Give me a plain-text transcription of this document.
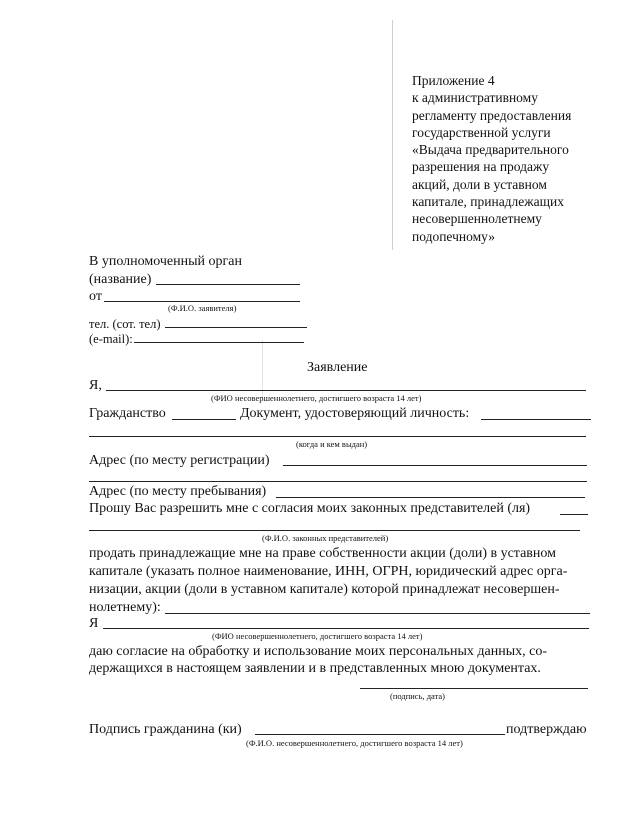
Приложение 4
к административному
регламенту предоставления
государственной услуги
«Выдача предварительного
разрешения на продажу
акций, доли в уставном
капитале, принадлежащих
несовершеннолетнему
подопечному»
В уполномоченный орган
(название)
от
(Ф.И.О. заявителя)
тел. (сот. тел)
(e-mail):
Заявление
Я,
(ФИО несовершеннолетнего, достигшего возраста 14 лет)
Гражданство	Документ, удостоверяющий личность:
(когда и кем выдан)
Адрес (по месту регистрации)
Адрес (по месту пребывания)
Прошу Вас разрешить мне с согласия моих законных представителей (ля)
(Ф.И.О. законных представителей)
продать принадлежащие мне на праве собственности акции (доли) в уставном
капитале (указать полное наименование, ИНН, ОГРН, юридический адрес орга-
низации, акции (доли в уставном капитале) которой принадлежат несовершен-
нолетнему):
Я
(ФИО несовершеннолетнего, достигшего возраста 14 лет)
даю согласие на обработку и использование моих персональных данных, со-
держащихся в настоящем заявлении и в представленных мною документах.
(подпись, дата)
Подпись гражданина (ки)	подтверждаю
(Ф.И.О. несовершеннолетнего, достигшего возраста 14 лет)
